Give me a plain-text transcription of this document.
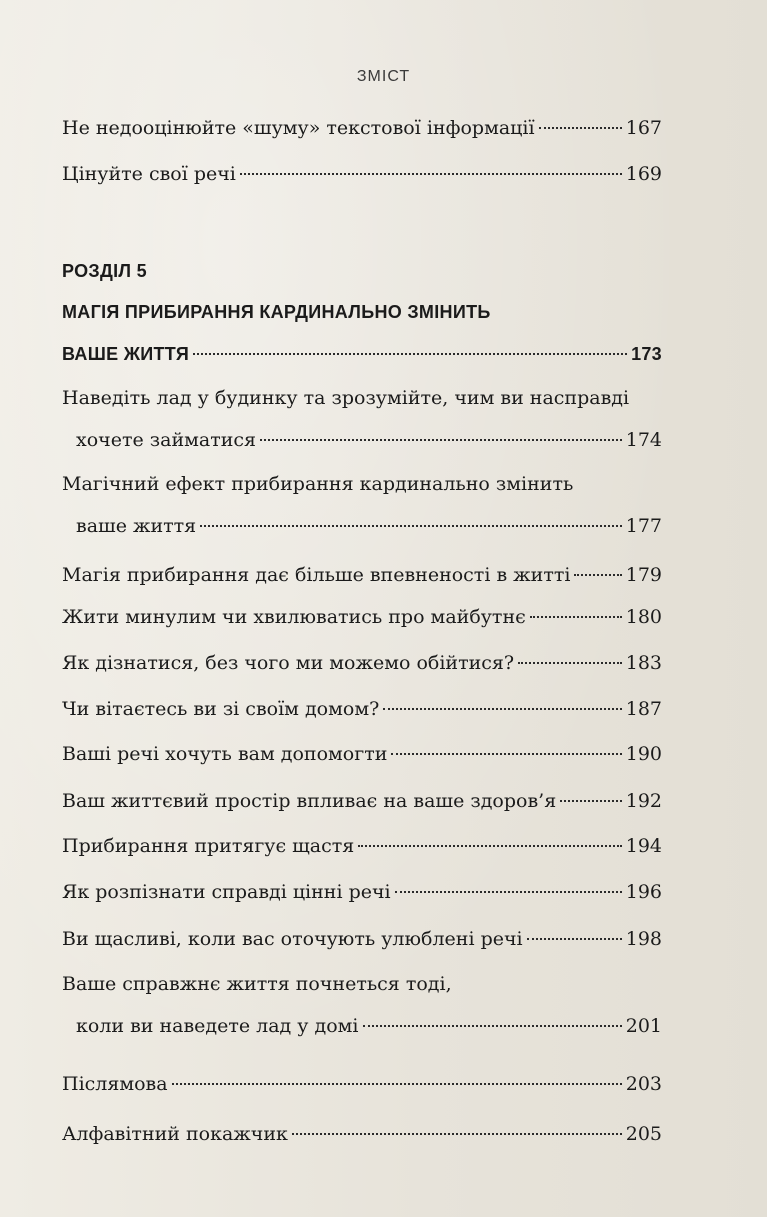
ЗМІСТ
Не недооцінюйте «шуму» текстової інформації	167
Цінуйте свої речі	169
РОЗДІЛ 5
МАГІЯ ПРИБИРАННЯ КАРДИНАЛЬНО ЗМІНИТЬ
ВАШЕ ЖИТТЯ	173
Наведіть лад у будинку та зрозумійте, чим ви насправді
хочете займатися	174
Магічний ефект прибирання кардинально змінить
ваше життя	177
Магія прибирання дає більше впевненості в житті	179
Жити минулим чи хвилюватись про майбутнє	180
Як дізнатися, без чого ми можемо обійтися?	183
Чи вітаєтесь ви зі своїм домом?	187
Ваші речі хочуть вам допомогти	190
Ваш життєвий простір впливає на ваше здоров’я	192
Прибирання притягує щастя	194
Як розпізнати справді цінні речі	196
Ви щасливі, коли вас оточують улюблені речі	198
Ваше справжнє життя почнеться тоді,
коли ви наведете лад у домі	201
Післямова	203
Алфавітний покажчик	205
